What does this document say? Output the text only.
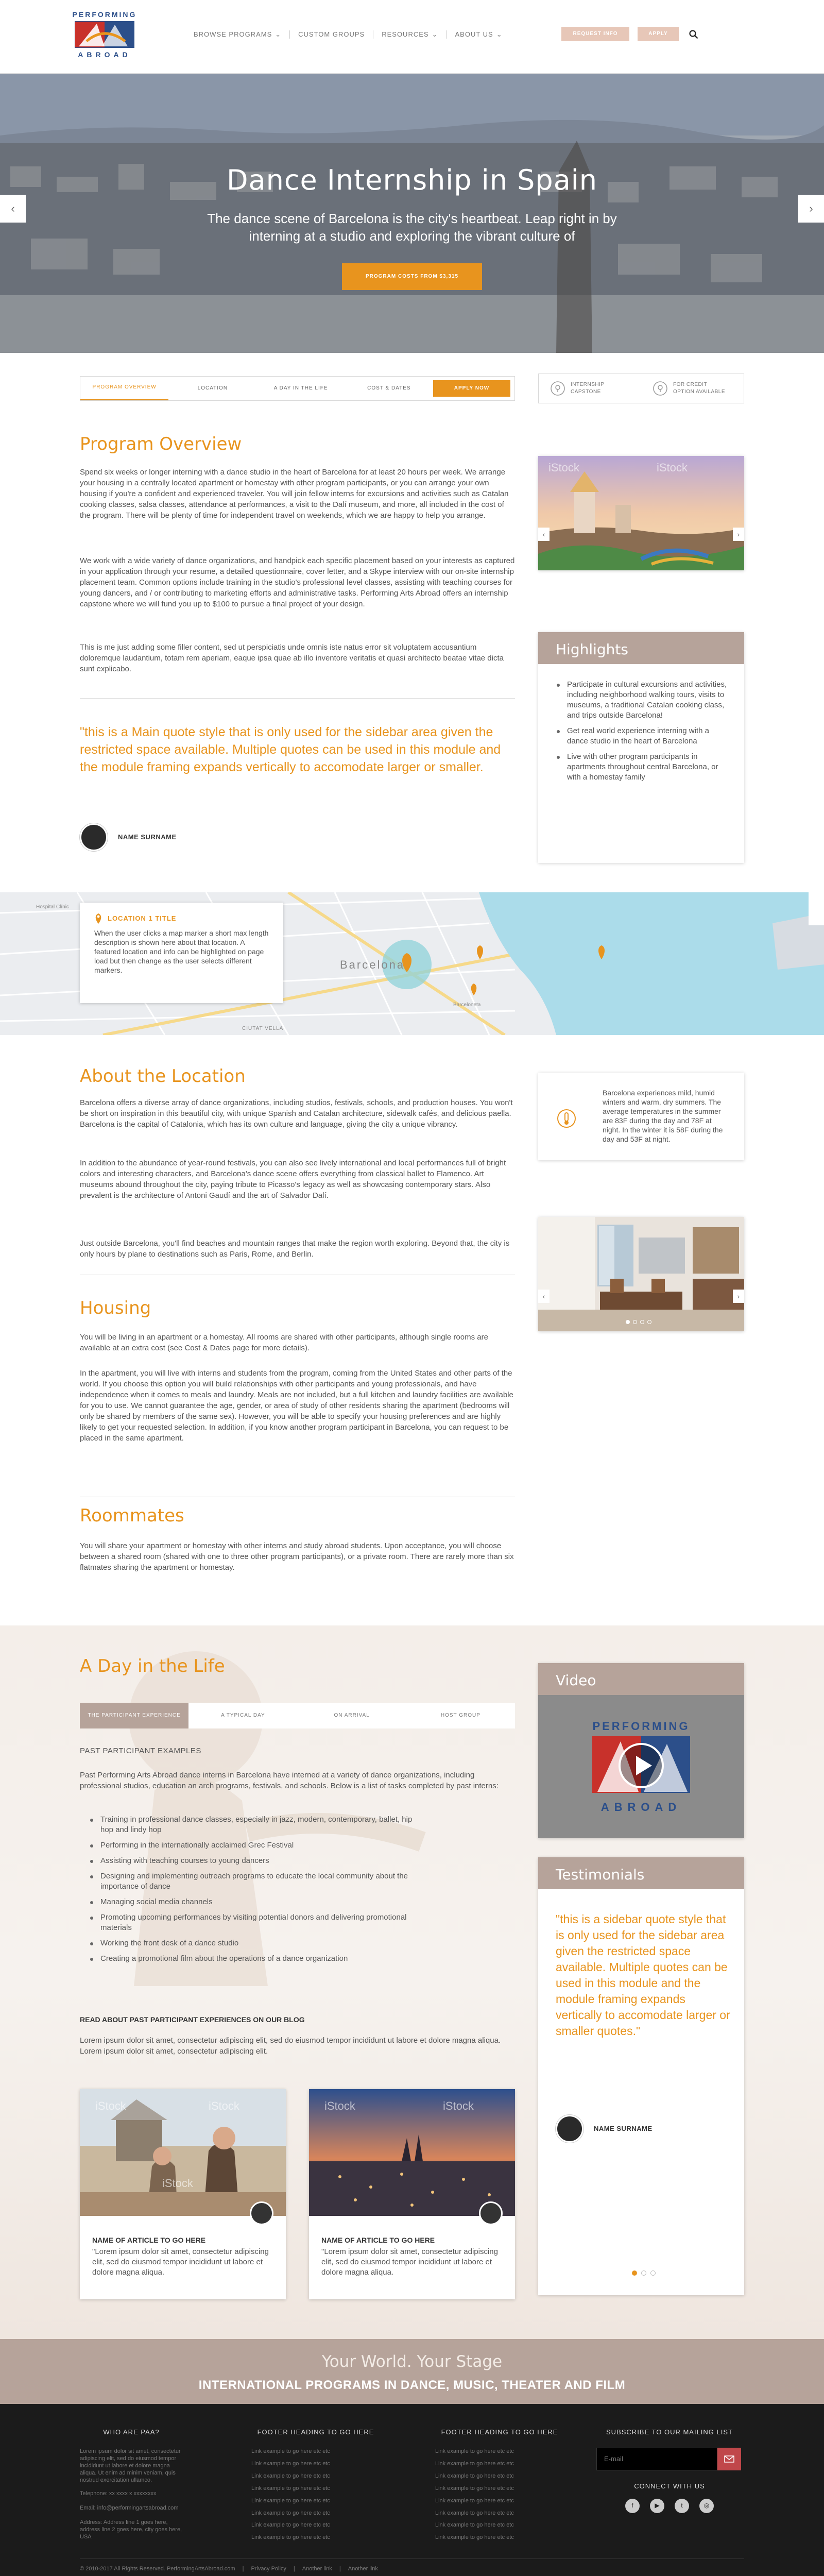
PERFORMING
ABROAD
BROWSE PROGRAMS ⌄	CUSTOM GROUPS	RESOURCES ⌄	ABOUT US ⌄	REQUEST INFO	APPLY
Dance Internship in Spain

The dance scene of Barcelona is the city's heartbeat. Leap right in by interning at a studio and exploring the vibrant culture of

PROGRAM COSTS FROM $3,315
‹	›
PROGRAM OVERVIEW	LOCATION	A DAY IN THE LIFE	COST & DATES	APPLY NOW
INTERNSHIP
CAPSTONE
FOR CREDIT
OPTION AVAILABLE
Program Overview
Spend six weeks or longer interning with a dance studio in the heart of Barcelona for at least 20 hours per week. We arrange your housing in a centrally located apartment or homestay with other program participants, or you can arrange your own housing if you're a confident and experienced traveler. You will join fellow interns for excursions and activities such as Catalan cooking classes, salsa classes, attendance at performances, a visit to the Dalí museum, and more, all included in the cost of the program. There will be plenty of time for independent travel on weekends, which we are happy to help you arrange.
We work with a wide variety of dance organizations, and handpick each specific placement based on your interests as captured in your application through your resume, a detailed questionnaire, cover letter, and a Skype interview with our on-site internship placement team. Common options include training in the studio's professional level classes, assisting with teaching courses for young dancers, and / or contributing to marketing efforts and administrative tasks. Performing Arts Abroad offers an internship capstone where we will fund you up to $100 to pursue a final project of your design.
This is me just adding some filler content, sed ut perspiciatis unde omnis iste natus error sit voluptatem accusantium doloremque laudantium, totam rem aperiam, eaque ipsa quae ab illo inventore veritatis et quasi architecto beatae vitae dicta sunt explicabo.
"this is a Main quote style that is only used for the sidebar area given the restricted space available. Multiple quotes can be used in this module and the module framing expands vertically to accomodate larger or smaller.
NAME SURNAME
iStock	iStock
‹	›
Highlights
Participate in cultural excursions and activities, including neighborhood walking tours, visits to museums, a traditional Catalan cooking class, and trips outside Barcelona!
Get real world experience interning with a dance studio in the heart of Barcelona
Live with other program participants in apartments throughout central Barcelona, or with a homestay family
Barcelona
Hospital Clínic
CIUTAT VELLA
Barceloneta
LOCATION 1 TITLE
When the user clicks a map marker a short max length description is shown here about that location. A featured location and info can be highlighted on page load but then change as the user selects different markers.
About the Location
Barcelona offers a diverse array of dance organizations, including studios, festivals, schools, and production houses. You won't be short on inspiration in this beautiful city, with unique Spanish and Catalan architecture, sidewalk cafés, and delicious paella. Barcelona is the capital of Catalonia, which has its own culture and language, giving the city a unique vibrancy.
In addition to the abundance of year-round festivals, you can also see lively international and local performances full of bright colors and interesting characters, and Barcelona's dance scene offers everything from classical ballet to Flamenco. Art museums abound throughout the city, paying tribute to Picasso's legacy as well as showcasing contemporary stars. Also prevalent is the architecture of Antoni Gaudí and the art of Salvador Dalí.
Just outside Barcelona, you'll find beaches and mountain ranges that make the region worth exploring. Beyond that, the city is only hours by plane to destinations such as Paris, Rome, and Berlin.
Barcelona experiences mild, humid winters and warm, dry summers. The average temperatures in the summer are 83F during the day and 78F at night. In the winter it is 58F during the day and 53F at night.
‹	›
Housing
You will be living in an apartment or a homestay. All rooms are shared with other participants, although single rooms are available at an extra cost (see Cost & Dates page for more details).
In the apartment, you will live with interns and students from the program, coming from the United States and other parts of the world. If you choose this option you will build relationships with other participants and young professionals, and have independence when it comes to meals and laundry. Meals are not included, but a full kitchen and laundry facilities are available for you to use. We cannot guarantee the age, gender, or area of study of other residents sharing the apartment (bedrooms will only be shared by members of the same sex). However, you will be able to specify your housing preferences and are highly likely to get your requested selection. In addition, if you know another program participant in Barcelona, you can request to be placed in the same apartment.
Roommates
You will share your apartment or homestay with other interns and study abroad students. Upon acceptance, you will choose between a shared room (shared with one to three other program participants), or a private room. There are rarely more than six flatmates sharing the apartment or homestay.
A Day in the Life
THE PARTICIPANT EXPERIENCE	A TYPICAL DAY	ON ARRIVAL	HOST GROUP
PAST PARTICIPANT EXAMPLES
Past Performing Arts Abroad dance interns in Barcelona have interned at a variety of dance organizations, including professional studios, education an arch programs, festivals, and schools. Below is a list of tasks completed by past interns:
Training in professional dance classes, especially in jazz, modern, contemporary, ballet, hip hop and lindy hop
Performing in the internationally acclaimed Grec Festival
Assisting with teaching courses to young dancers
Designing and implementing outreach programs to educate the local community about the importance of dance
Managing social media channels
Promoting upcoming performances by visiting potential donors and delivering promotional materials
Working the front desk of a dance studio
Creating a promotional film about the operations of a dance organization
READ ABOUT PAST PARTICIPANT EXPERIENCES ON OUR BLOG
Lorem ipsum dolor sit amet, consectetur adipiscing elit, sed do eiusmod tempor incididunt ut labore et dolore magna aliqua. Lorem ipsum dolor sit amet, consectetur adipiscing elit.
iStock	iStock
iStock
NAME OF ARTICLE TO GO HERE
"Lorem ipsum dolor sit amet, consectetur adipiscing elit, sed do eiusmod tempor incididunt ut labore et dolore magna aliqua.
iStock	iStock
NAME OF ARTICLE TO GO HERE
"Lorem ipsum dolor sit amet, consectetur adipiscing elit, sed do eiusmod tempor incididunt ut labore et dolore magna aliqua.
Video
PERFORMING
ABROAD
Testimonials
"this is a sidebar quote style that is only used for the sidebar area given the restricted space available. Multiple quotes can be used in this module and the module framing expands vertically to accomodate larger or smaller quotes."
NAME SURNAME
Your World. Your Stage
INTERNATIONAL PROGRAMS IN DANCE, MUSIC, THEATER AND FILM
WHO ARE PAA?
Lorem ipsum dolor sit amet, consectetur adipiscing elit, sed do eiusmod tempor incididunt ut labore et dolore magna aliqua. Ut enim ad minim veniam, quis nostrud exercitation ullamco.
Telephone: xx xxxx x xxxxxxxx
Email: info@performingartsabroad.com
Address: Address line 1 goes here, address line 2 goes here, city goes here, USA
FOOTER HEADING TO GO HERE
Link example to go here etc etc
Link example to go here etc etc
Link example to go here etc etc
Link example to go here etc etc
Link example to go here etc etc
Link example to go here etc etc
Link example to go here etc etc
Link example to go here etc etc
FOOTER HEADING TO GO HERE
Link example to go here etc etc
Link example to go here etc etc
Link example to go here etc etc
Link example to go here etc etc
Link example to go here etc etc
Link example to go here etc etc
Link example to go here etc etc
Link example to go here etc etc
SUBSCRIBE TO OUR MAILING LIST
E-mail
CONNECT WITH US
f	▶	t	◎
© 2010-2017 All Rights Reserved. PerformingArtsAbroad.com | Privacy Policy | Another link | Another link
